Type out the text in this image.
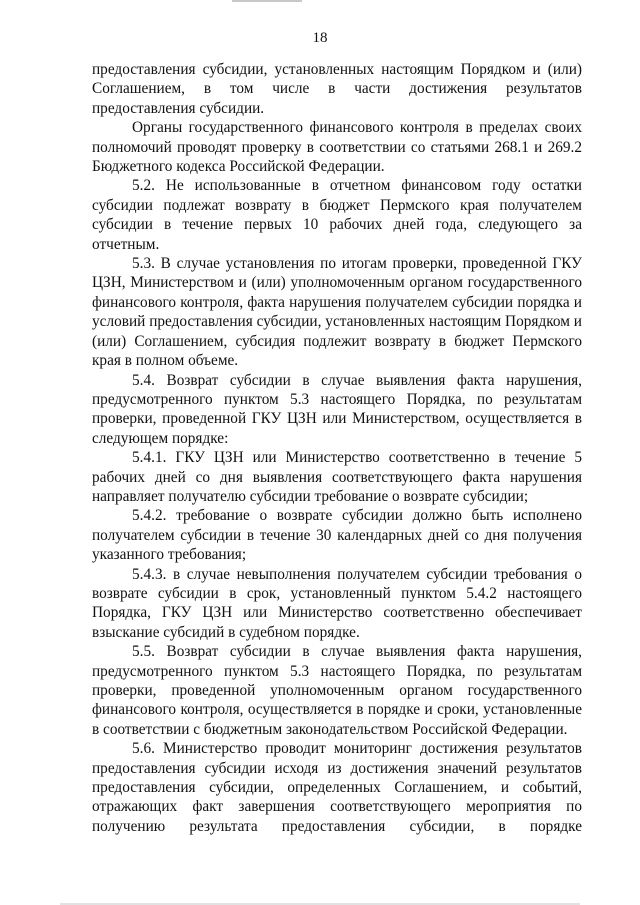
18

предоставления субсидии, установленных настоящим Порядком и (или) Соглашением, в том числе в части достижения результатов предоставления субсидии.

Органы государственного финансового контроля в пределах своих полномочий проводят проверку в соответствии со статьями 268.1 и 269.2 Бюджетного кодекса Российской Федерации.

5.2. Не использованные в отчетном финансовом году остатки субсидии подлежат возврату в бюджет Пермского края получателем субсидии в течение первых 10 рабочих дней года, следующего за отчетным.

5.3. В случае установления по итогам проверки, проведенной ГКУ ЦЗН, Министерством и (или) уполномоченным органом государственного финансового контроля, факта нарушения получателем субсидии порядка и условий предоставления субсидии, установленных настоящим Порядком и (или) Соглашением, субсидия подлежит возврату в бюджет Пермского края в полном объеме.

5.4. Возврат субсидии в случае выявления факта нарушения, предусмотренного пунктом 5.3 настоящего Порядка, по результатам проверки, проведенной ГКУ ЦЗН или Министерством, осуществляется в следующем порядке:

5.4.1. ГКУ ЦЗН или Министерство соответственно в течение 5 рабочих дней со дня выявления соответствующего факта нарушения направляет получателю субсидии требование о возврате субсидии;

5.4.2. требование о возврате субсидии должно быть исполнено получателем субсидии в течение 30 календарных дней со дня получения указанного требования;

5.4.3. в случае невыполнения получателем субсидии требования о возврате субсидии в срок, установленный пунктом 5.4.2 настоящего Порядка, ГКУ ЦЗН или Министерство соответственно обеспечивает взыскание субсидий в судебном порядке.

5.5. Возврат субсидии в случае выявления факта нарушения, предусмотренного пунктом 5.3 настоящего Порядка, по результатам проверки, проведенной уполномоченным органом государственного финансового контроля, осуществляется в порядке и сроки, установленные в соответствии с бюджетным законодательством Российской Федерации.

5.6. Министерство проводит мониторинг достижения результатов предоставления субсидии исходя из достижения значений результатов предоставления субсидии, определенных Соглашением, и событий, отражающих факт завершения соответствующего мероприятия по получению результата предоставления субсидии, в порядке
